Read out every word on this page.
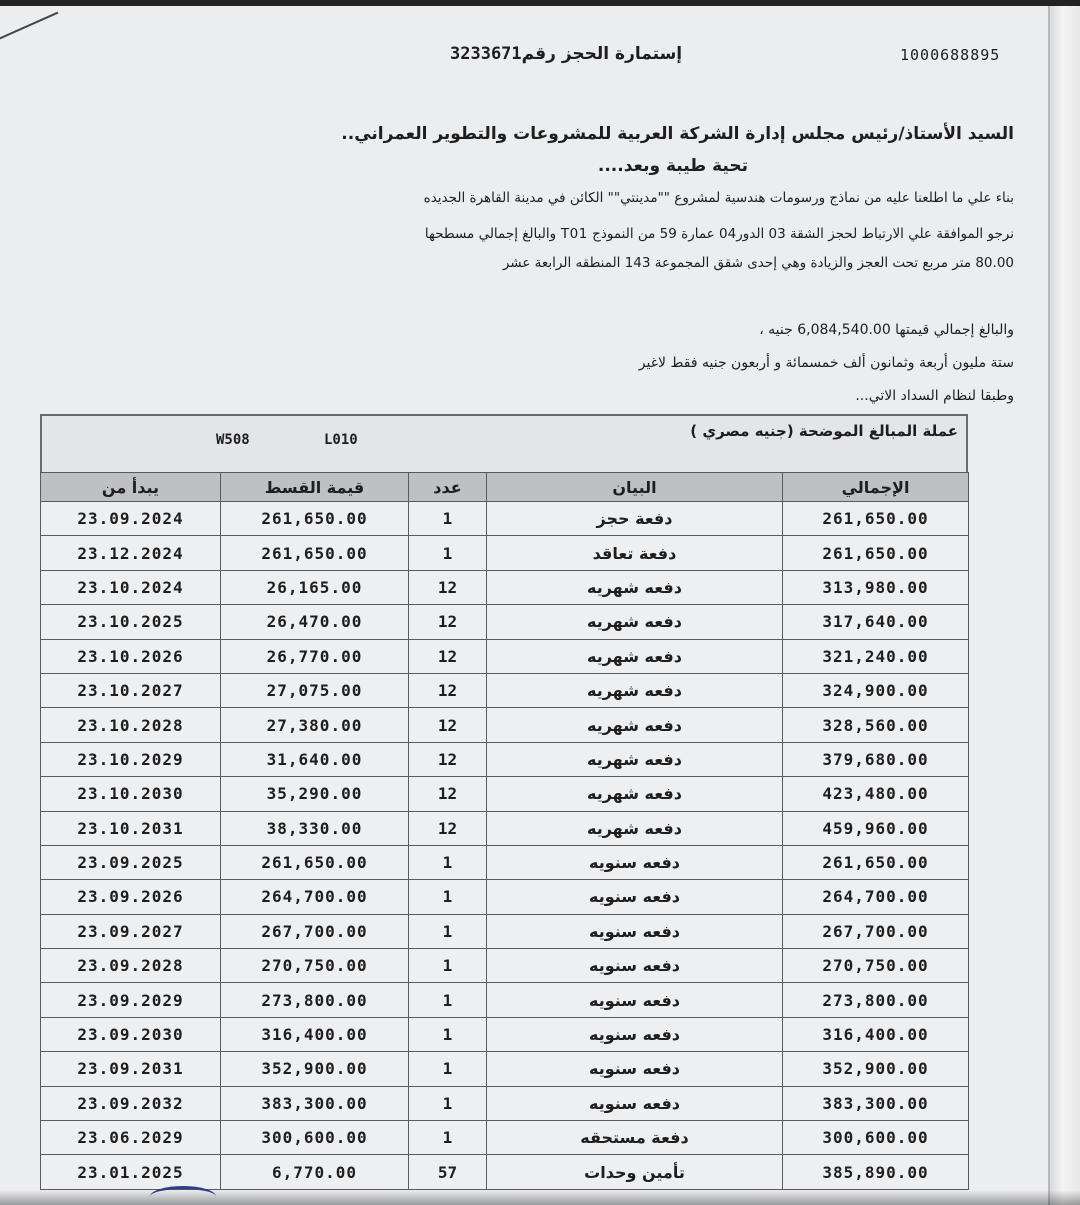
1000688895
إستمارة الحجز رقم3233671
السيد الأستاذ/رئيس مجلس إدارة الشركة العربية للمشروعات والتطوير العمراني..
تحية طيبة وبعد....
بناء علي ما اطلعنا عليه من نماذج ورسومات هندسية لمشروع ""مدينتي"" الكائن في مدينة القاهرة الجديده
نرجو الموافقة علي الارتباط لحجز الشقة 03 الدور04 عمارة 59 من النموذج T01 والبالغ إجمالي مسطحها
80.00 متر مربع تحت العجز والزيادة وهي إحدى شقق المجموعة 143 المنطقه الرابعة عشر
والبالغ إجمالي قيمتها 6,084,540.00 جنيه ،
ستة مليون أربعة وثمانون ألف خمسمائة و أربعون جنيه فقط لاغير
وطبقا لنظام السداد الاتي...
عملة المبالغ الموضحة (جنيه مصري )
W508	L010
يبدأ من	قيمة القسط	عدد	البيان	الإجمالي
23.09.2024	261,650.00	1	دفعة حجز	261,650.00
23.12.2024	261,650.00	1	دفعة تعاقد	261,650.00
23.10.2024	26,165.00	12	دفعه شهريه	313,980.00
23.10.2025	26,470.00	12	دفعه شهريه	317,640.00
23.10.2026	26,770.00	12	دفعه شهريه	321,240.00
23.10.2027	27,075.00	12	دفعه شهريه	324,900.00
23.10.2028	27,380.00	12	دفعه شهريه	328,560.00
23.10.2029	31,640.00	12	دفعه شهريه	379,680.00
23.10.2030	35,290.00	12	دفعه شهريه	423,480.00
23.10.2031	38,330.00	12	دفعه شهريه	459,960.00
23.09.2025	261,650.00	1	دفعه سنويه	261,650.00
23.09.2026	264,700.00	1	دفعه سنويه	264,700.00
23.09.2027	267,700.00	1	دفعه سنويه	267,700.00
23.09.2028	270,750.00	1	دفعه سنويه	270,750.00
23.09.2029	273,800.00	1	دفعه سنويه	273,800.00
23.09.2030	316,400.00	1	دفعه سنويه	316,400.00
23.09.2031	352,900.00	1	دفعه سنويه	352,900.00
23.09.2032	383,300.00	1	دفعه سنويه	383,300.00
23.06.2029	300,600.00	1	دفعة مستحقه	300,600.00
23.01.2025	6,770.00	57	تأمين وحدات	385,890.00
